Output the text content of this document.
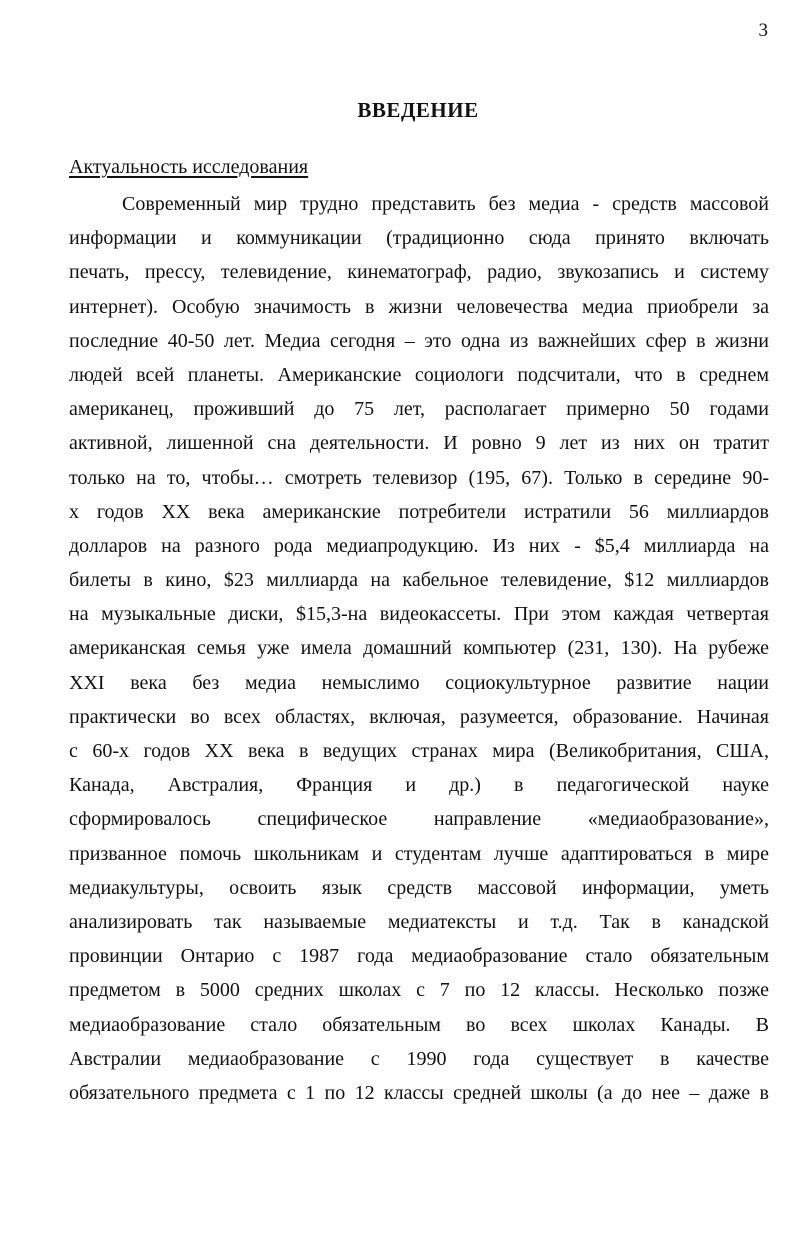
3
ВВЕДЕНИЕ
Актуальность исследования
Современный мир трудно представить без медиа - средств массовой
информации и коммуникации (традиционно сюда принято включать
печать, прессу, телевидение, кинематограф, радио, звукозапись и систему
интернет). Особую значимость в жизни человечества медиа приобрели за
последние 40-50 лет. Медиа сегодня – это одна из важнейших сфер в жизни
людей всей планеты. Американские социологи подсчитали, что в среднем
американец, проживший до 75 лет, располагает примерно 50 годами
активной, лишенной сна деятельности. И ровно 9 лет из них он тратит
только на то, чтобы… смотреть телевизор (195, 67). Только в середине 90-
х годов XX века американские потребители истратили 56 миллиардов
долларов на разного рода медиапродукцию. Из них - $5,4 миллиарда на
билеты в кино, $23 миллиарда на кабельное телевидение, $12 миллиардов
на музыкальные диски, $15,3-на видеокассеты. При этом каждая четвертая
американская семья уже имела домашний компьютер (231, 130). На рубеже
XXI века без медиа немыслимо социокультурное развитие нации
практически во всех областях, включая, разумеется, образование. Начиная
с 60-х годов XX века в ведущих странах мира (Великобритания, США,
Канада, Австралия, Франция и др.) в педагогической науке
сформировалось специфическое направление «медиаобразование»,
призванное помочь школьникам и студентам лучше адаптироваться в мире
медиакультуры, освоить язык средств массовой информации, уметь
анализировать так называемые медиатексты и т.д. Так в канадской
провинции Онтарио с 1987 года медиаобразование стало обязательным
предметом в 5000 средних школах с 7 по 12 классы. Несколько позже
медиаобразование стало обязательным во всех школах Канады. В
Австралии медиаобразование с 1990 года существует в качестве
обязательного предмета с 1 по 12 классы средней школы (а до нее – даже в
